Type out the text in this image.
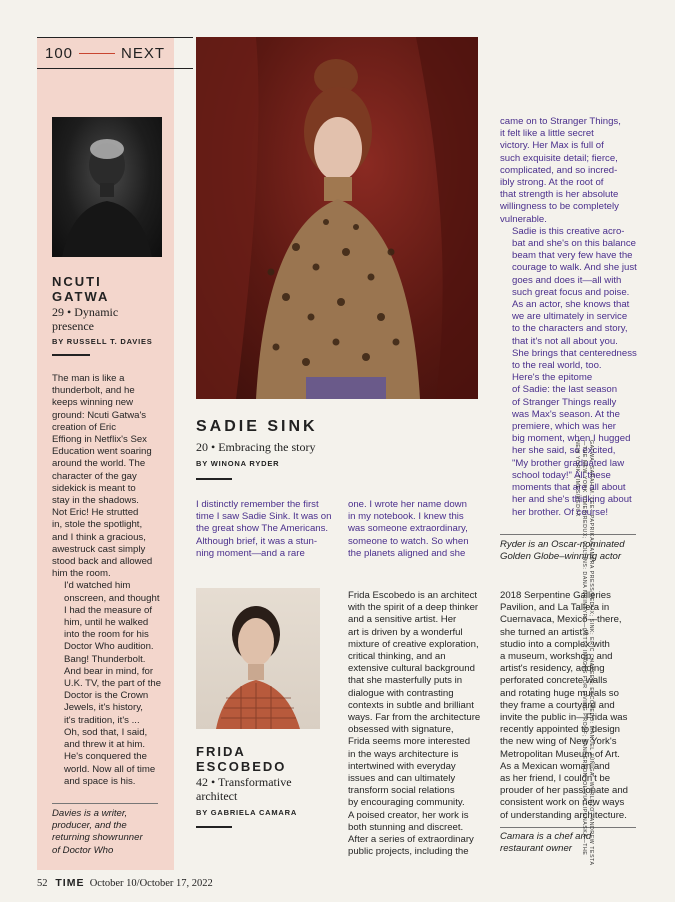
100	NEXT
NCUTI
GATWA
29 • Dynamic
presence
BY RUSSELL T. DAVIES

The man is like a
thunderbolt, and he
keeps winning new
ground: Ncuti Gatwa's
creation of Eric
Effiong in Netflix's Sex
Education went soaring
around the world. The
character of the gay
sidekick is meant to
stay in the shadows.
Not Eric! He strutted
in, stole the spotlight,
and I think a gracious,
awestruck cast simply
stood back and allowed
him the room.

I'd watched him
onscreen, and thought
I had the measure of
him, until he walked
into the room for his
Doctor Who audition.
Bang! Thunderbolt.
And bear in mind, for
U.K. TV, the part of the
Doctor is the Crown
Jewels, it's history,
it's tradition, it's ...
Oh, sod that, I said,
and threw it at him.

He's conquered the
world. Now all of time
and space is his.

Davies is a writer,
producer, and the
returning showrunner
of Doctor Who
SADIE SINK
20 • Embracing the story
BY WINONA RYDER
I distinctly remember the first
time I saw Sadie Sink. It was on
the great show The Americans.
Although brief, it was a stun-
ning moment—and a rare
one. I wrote her name down
in my notebook. I knew this
was someone extraordinary,
someone to watch. So when
the planets aligned and she

came on to Stranger Things,
it felt like a little secret
victory. Her Max is full of
such exquisite detail; fierce,
complicated, and so incred-
ibly strong. At the root of
that strength is her absolute
willingness to be completely
vulnerable.

Sadie is this creative acro-
bat and she's on this balance
beam that very few have the
courage to walk. And she just
goes and does it—all with
such great focus and poise.
As an actor, she knows that
we are ultimately in service
to the characters and story,
that it's not all about you.
She brings that centeredness
to the real world, too.

Here's the epitome
of Sadie: the last season
of Stranger Things really
was Max's season. At the
premiere, which was her
big moment, when I hugged
her she said, so excited,
"My brother graduated law
school today!" All these
moments that are all about
her and she's thinking about
her brother. Of course!

Ryder is an Oscar-nominated
Golden Globe–winning actor
FRIDA
ESCOBEDO
42 • Transformative
architect
BY GABRIELA CAMARA
Frida Escobedo is an architect
with the spirit of a deep thinker
and a sensitive artist. Her
art is driven by a wonderful
mixture of creative exploration,
critical thinking, and an
extensive cultural background
that she masterfully puts in
dialogue with contrasting
contexts in subtle and brilliant
ways. Far from the architecture
obsessed with signature,
Frida seems more interested
in the ways architecture is
intertwined with everyday
issues and can ultimately
transform social relations
by encouraging community.
A poised creator, her work is
both stunning and discreet.
After a series of extraordinary
public projects, including the
2018 Serpentine Galleries
Pavilion, and La Tallera in
Cuernavaca, Mexico—there,
she turned an artist's
studio into a complex with
a museum, workshop, and
artist's residency, adding
perforated concrete walls
and rotating huge murals so
they frame a courtyard and
invite the public in—Frida was
recently appointed to design
the new wing of New York's
Metropolitan Museum of Art.
As a Mexican woman and
as her friend, I couldn't be
prouder of her passionate and
consistent work on new ways
of understanding architecture.
Camara is a chef and
restaurant owner
52 TIME October 10/October 17, 2022
GATWA: SARAH M. LEE—PAPRIKA/CAMERA PRESS/REDUX; SINK: ERIC CHAKEEN; ESCOBEDO: MANUEL ZÚÑIGA—WURLEZO—ANDREW TESTA—THE NEW YORK TIMES/REDUX; COLLINS: DANA MCINTYRE—GETTY IMAGES FOR LIVING PROOF; SANDERSON: OLIVIA LIPSNASKA—THE NEW YORK TIMES/REDUX
